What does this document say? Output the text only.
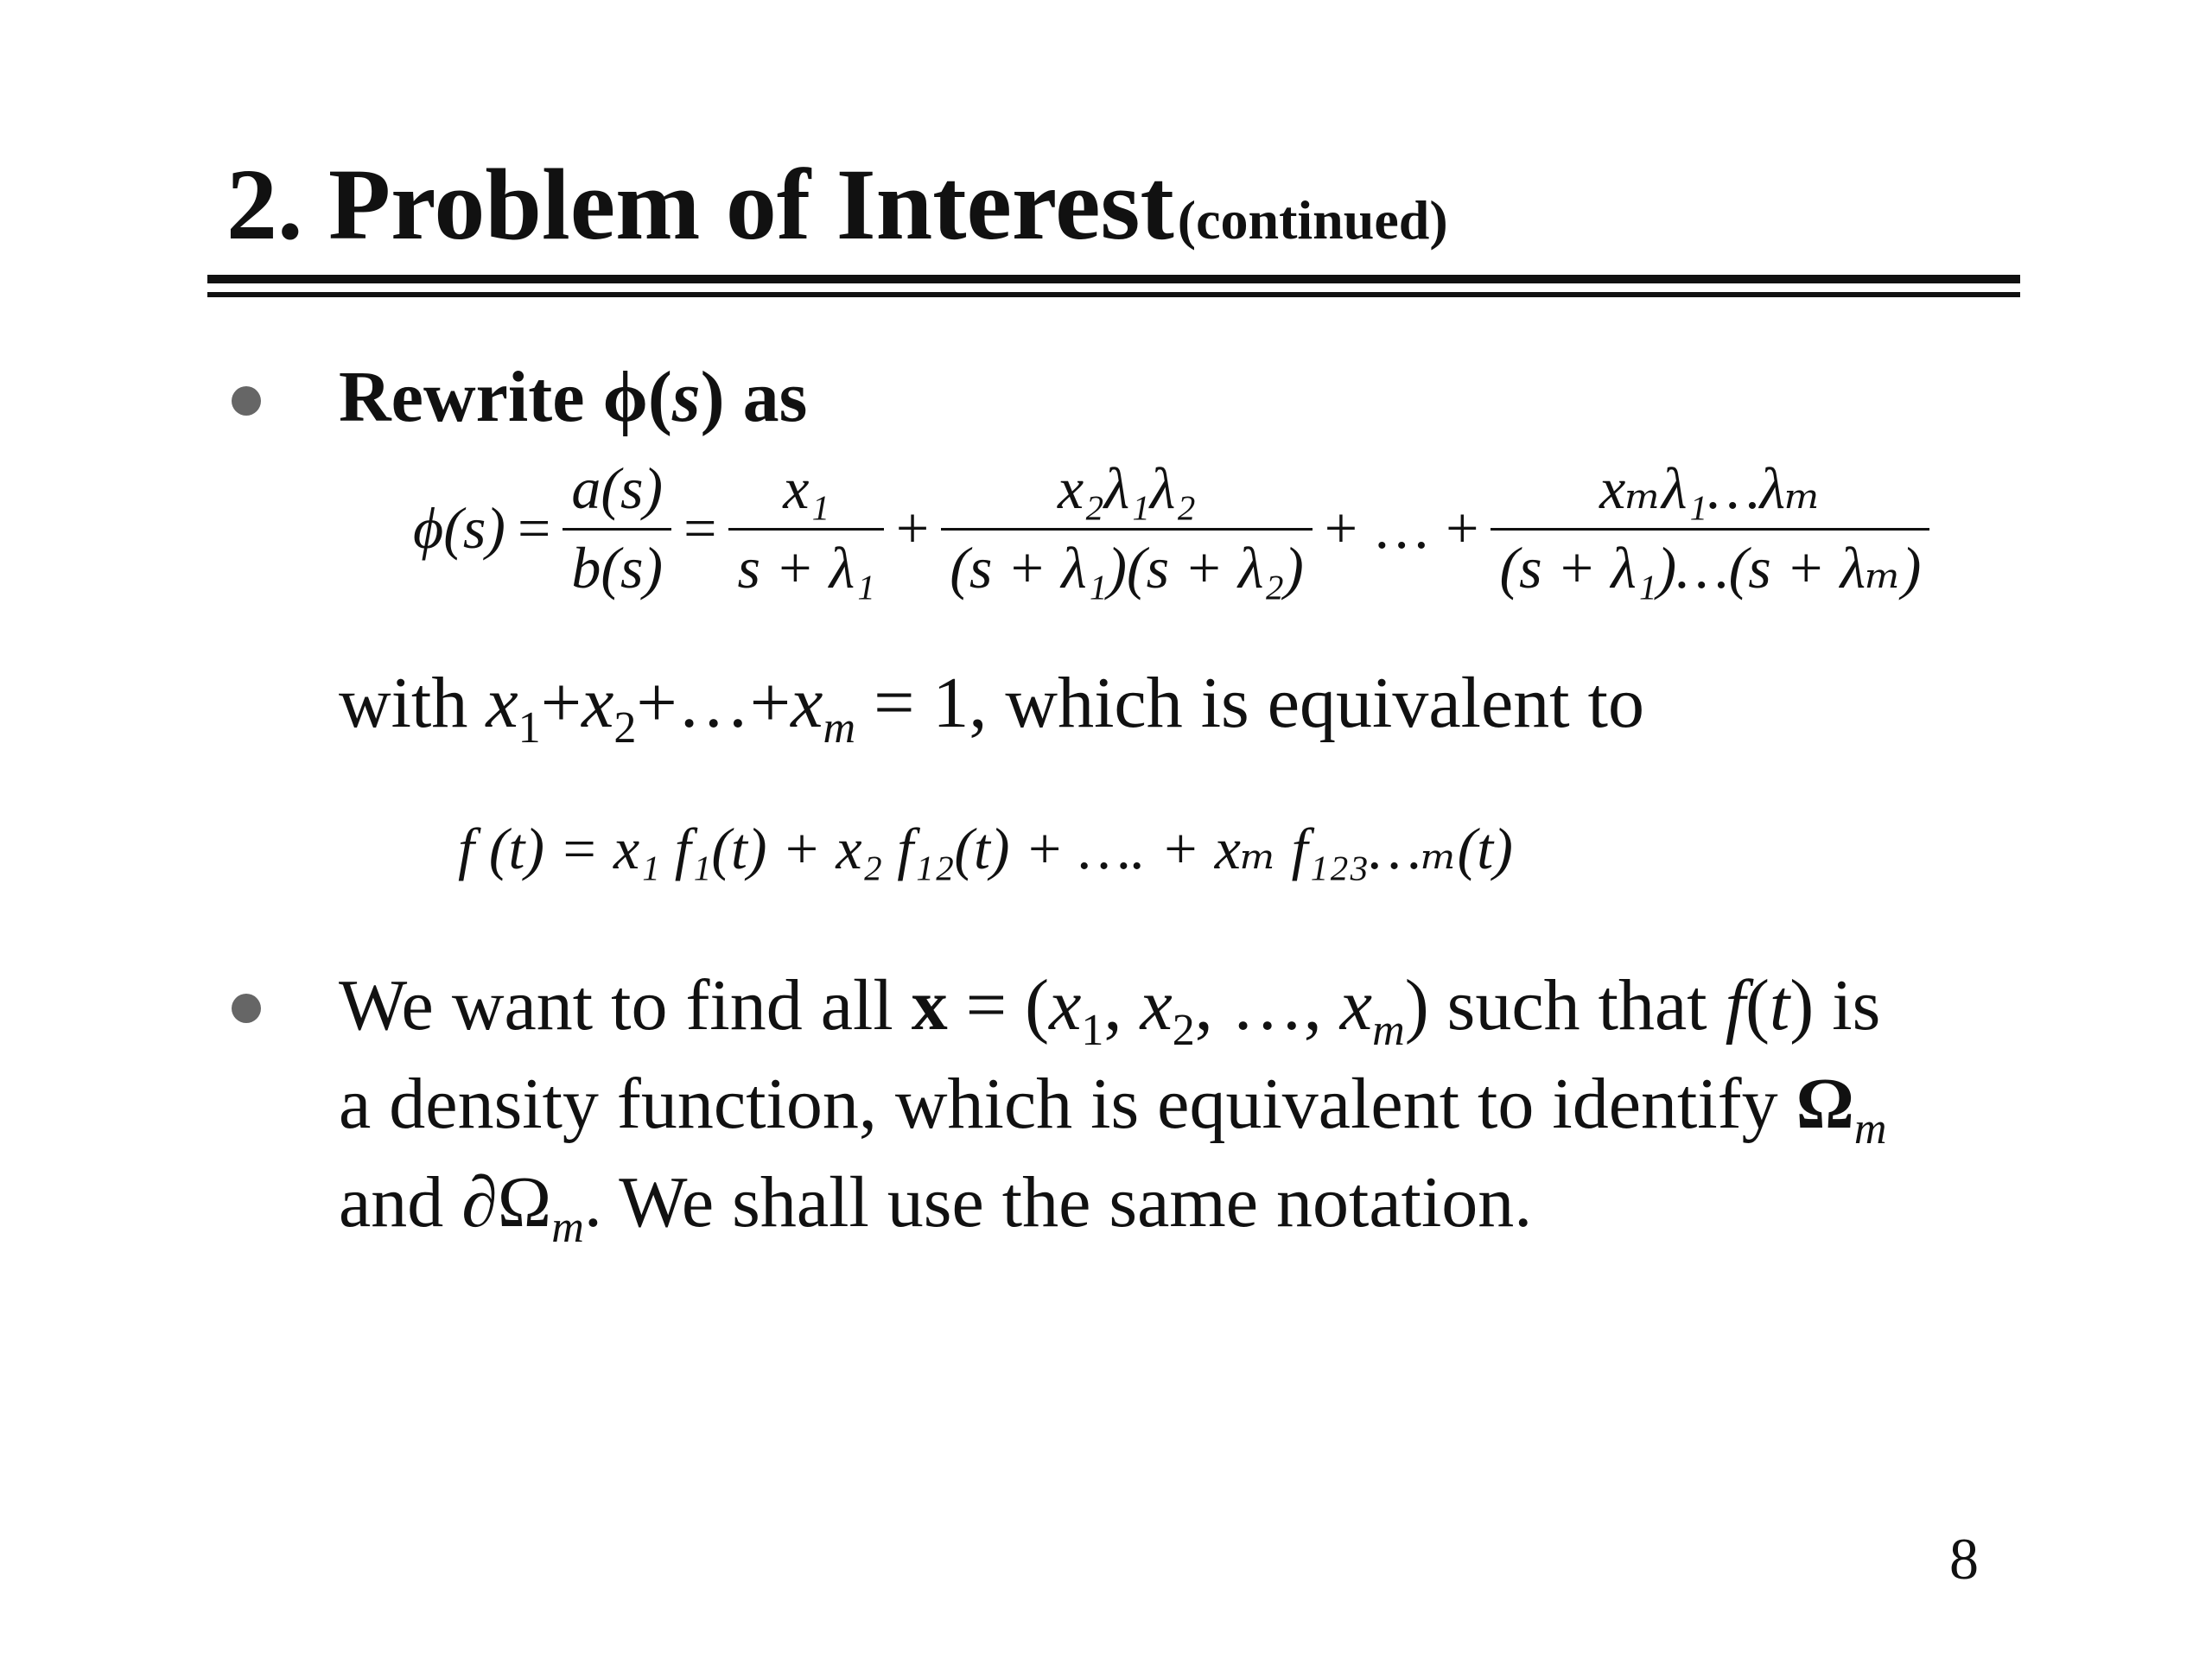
2. Problem of Interest (continued)
Rewrite ϕ(s) as
ϕ $(s) = \frac{a(s)}{b(s)} = \frac{\text{x₁}}{\text{s + λ₁}} + \frac{\text{x₂λ₁λ₂}}{\text{(s + λ₁)(s + λ₂)}}$ + … + $\frac{\text{xₘλ₁…λₘ}}{\text{(s + λ₁)…(s + λₘ)}}$
with $x_1+x_2+\dots+x_m = 1$, which is equivalent to
f (t) = x₁ f₁(t) + x₂ f₁₂(t) + …. + xₘ f₁₂₃…ₘ(t)
We want to find all $x = (x_1$, $x_2$, …, $x_m$) such that f(t) is
a density function, which is equivalent to identify $\Omega_m$
and $\partial\Omega_m$. We shall use the same notation.
8
